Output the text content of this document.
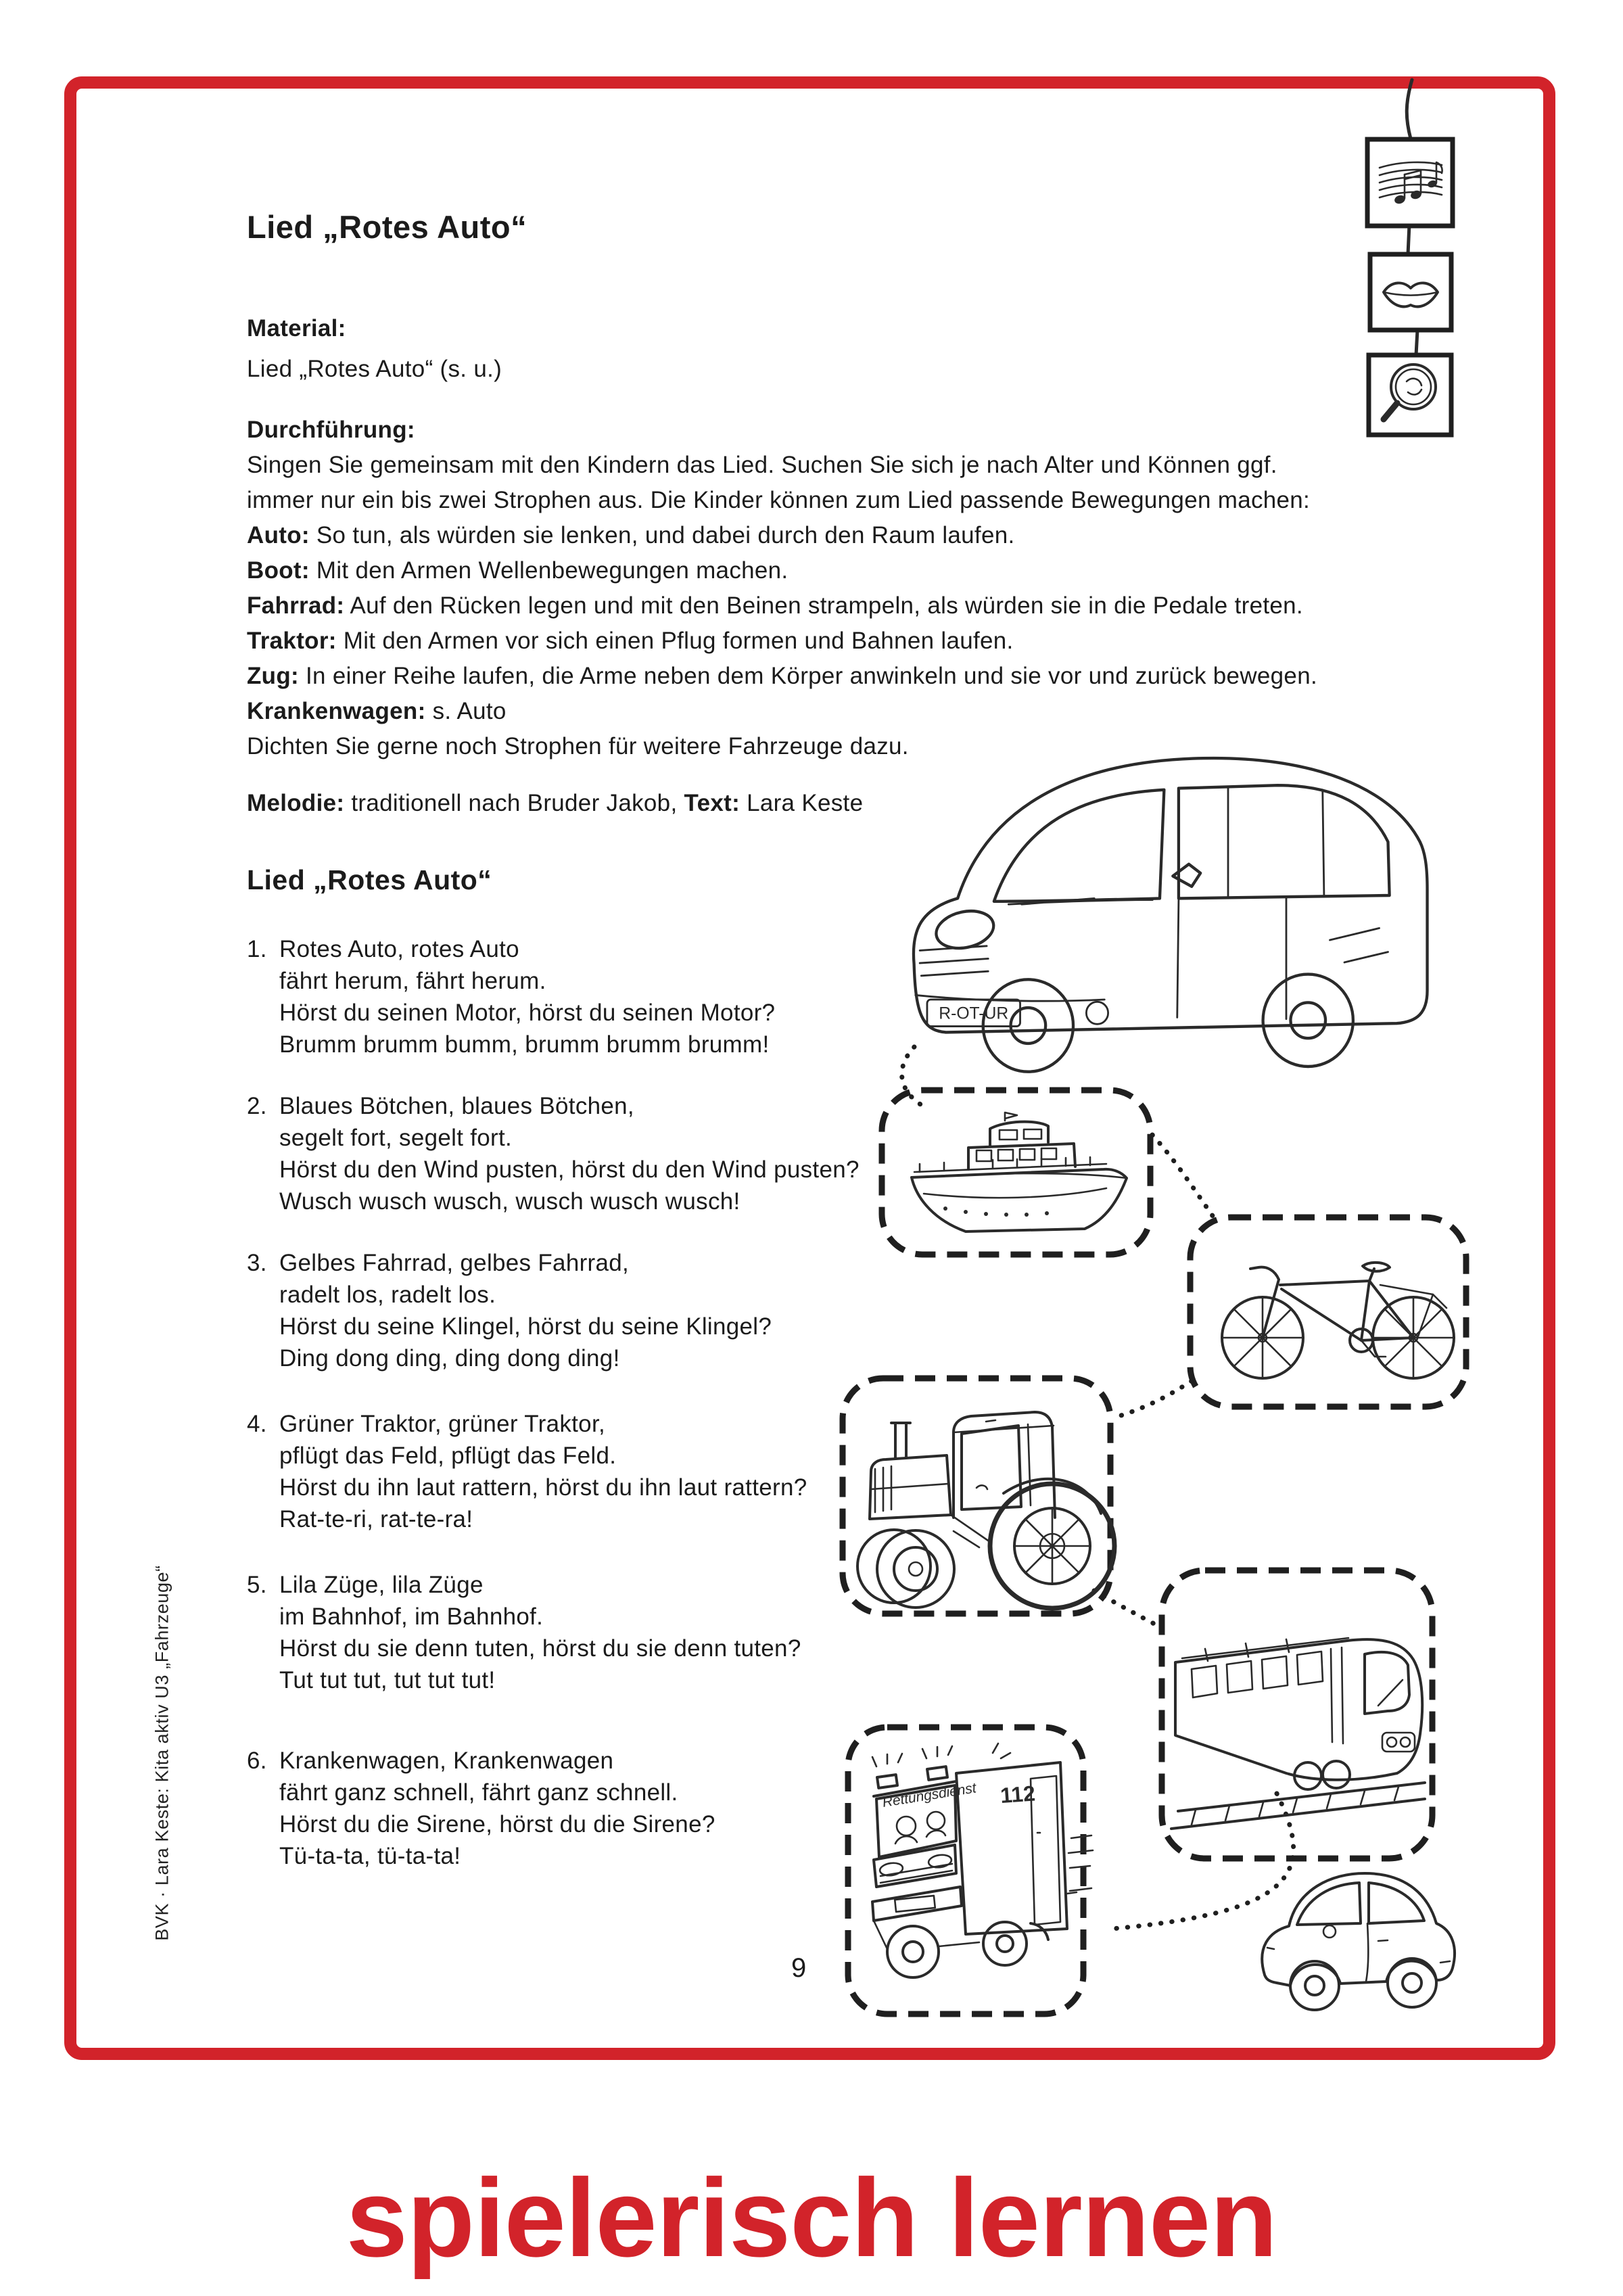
R-OT-UR
112
Rettungsdienst
Lied „Rotes Auto“
Material:
Lied „Rotes Auto“ (s. u.)
Durchführung:
Singen Sie gemeinsam mit den Kindern das Lied. Suchen Sie sich je nach Alter und Können ggf.
immer nur ein bis zwei Strophen aus. Die Kinder können zum Lied passende Bewegungen machen:
Auto: So tun, als würden sie lenken, und dabei durch den Raum laufen.
Boot: Mit den Armen Wellenbewegungen machen.
Fahrrad: Auf den Rücken legen und mit den Beinen strampeln, als würden sie in die Pedale treten.
Traktor: Mit den Armen vor sich einen Pflug formen und Bahnen laufen.
Zug: In einer Reihe laufen, die Arme neben dem Körper anwinkeln und sie vor und zurück bewegen.
Krankenwagen: s. Auto
Dichten Sie gerne noch Strophen für weitere Fahrzeuge dazu.
Melodie: traditionell nach Bruder Jakob, Text: Lara Keste
Lied „Rotes Auto“
1. Rotes Auto, rotes Auto
fährt herum, fährt herum.
Hörst du seinen Motor, hörst du seinen Motor?
Brumm brumm bumm, brumm brumm brumm!
2. Blaues Bötchen, blaues Bötchen,
segelt fort, segelt fort.
Hörst du den Wind pusten, hörst du den Wind pusten?
Wusch wusch wusch, wusch wusch wusch!
3. Gelbes Fahrrad, gelbes Fahrrad,
radelt los, radelt los.
Hörst du seine Klingel, hörst du seine Klingel?
Ding dong ding, ding dong ding!
4. Grüner Traktor, grüner Traktor,
pflügt das Feld, pflügt das Feld.
Hörst du ihn laut rattern, hörst du ihn laut rattern?
Rat-te-ri, rat-te-ra!
5. Lila Züge, lila Züge
im Bahnhof, im Bahnhof.
Hörst du sie denn tuten, hörst du sie denn tuten?
Tut tut tut, tut tut tut!
6. Krankenwagen, Krankenwagen
fährt ganz schnell, fährt ganz schnell.
Hörst du die Sirene, hörst du die Sirene?
Tü-ta-ta, tü-ta-ta!
BVK · Lara Keste: Kita aktiv U3 „Fahrzeuge“
9
spielerisch lernen
